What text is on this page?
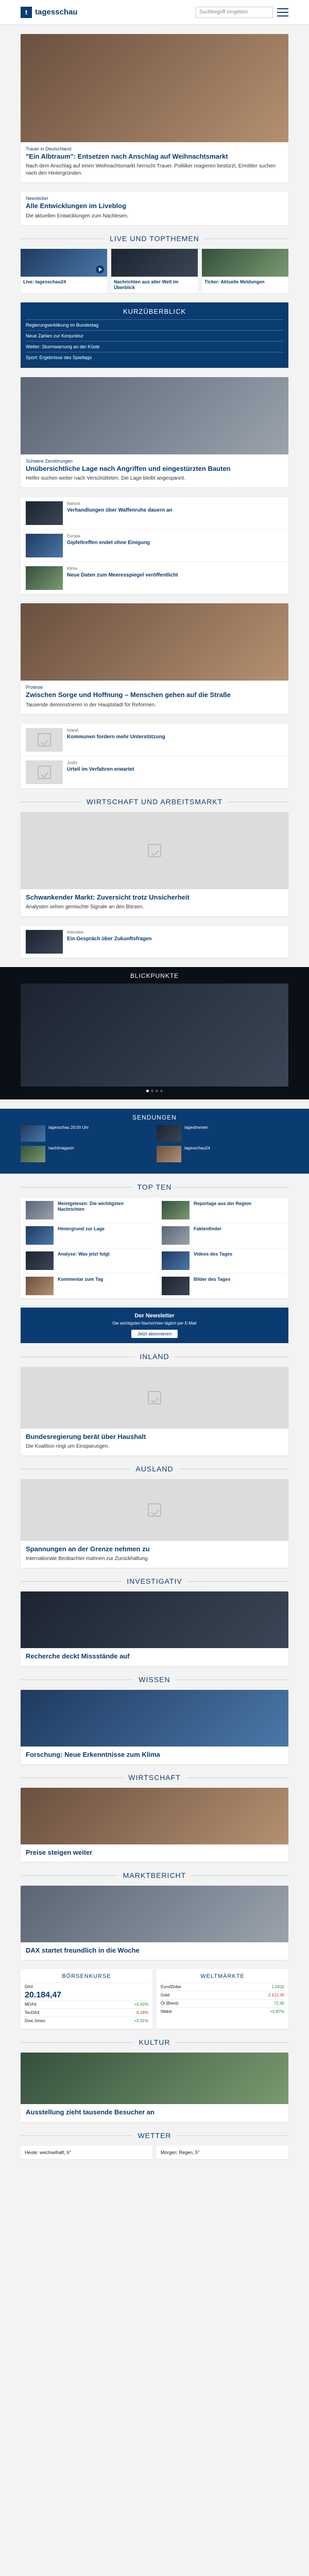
t tagesschau	Suchbegriff eingeben
Trauer in Deutschland
"Ein Albtraum": Entsetzen nach Anschlag auf Weihnachtsmarkt
Nach dem Anschlag auf einen Weihnachtsmarkt herrscht Trauer. Politiker reagieren bestürzt, Ermittler suchen nach den Hintergründen.
Newsticker
Alle Entwicklungen im Liveblog
Die aktuellen Entwicklungen zum Nachlesen.
LIVE UND TOPTHEMEN
Live: tagesschau24	Nachrichten aus aller Welt im Überblick
Ticker: Aktuelle Meldungen
KURZÜBERBLICK
Regierungserklärung im Bundestag
Neue Zahlen zur Konjunktur
Wetter: Sturmwarnung an der Küste
Sport: Ergebnisse des Spieltags
Schwere Zerstörungen
Unübersichtliche Lage nach Angriffen und eingestürzten Bauten
Helfer suchen weiter nach Verschütteten. Die Lage bleibt angespannt.
Nahost
Verhandlungen über Waffenruhe dauern an
Europa
Gipfeltreffen endet ohne Einigung
Klima
Neue Daten zum Meeresspiegel veröffentlicht
Proteste
Zwischen Sorge und Hoffnung – Menschen gehen auf die Straße
Tausende demonstrieren in der Hauptstadt für Reformen.
Inland
Kommunen fordern mehr Unterstützung
Justiz
Urteil im Verfahren erwartet
WIRTSCHAFT UND ARBEITSMARKT
Schwankender Markt: Zuversicht trotz Unsicherheit
Analysten sehen gemischte Signale an den Börsen.
Interview
Ein Gespräch über Zukunftsfragen
BLICKPUNKTE
SENDUNGEN
tagesschau 20:00 Uhr	tagesthemen
nachtmagazin	tagesschau24
TOP TEN
Meistgelesen: Die wichtigsten Nachrichten
Hintergrund zur Lage
Analyse: Was jetzt folgt
Kommentar zum Tag
Reportage aus der Region
Faktenfinder
Videos des Tages
Bilder des Tages
Der Newsletter
Die wichtigsten Nachrichten täglich per E-Mail
Jetzt abonnieren
INLAND
Bundesregierung berät über Haushalt
Die Koalition ringt um Einsparungen.
AUSLAND
Spannungen an der Grenze nehmen zu
Internationale Beobachter mahnen zur Zurückhaltung.
INVESTIGATIV
Recherche deckt Missstände auf
WISSEN
Forschung: Neue Erkenntnisse zum Klima
WIRTSCHAFT
Preise steigen weiter
MARKTBERICHT
DAX startet freundlich in die Woche
BÖRSENKURSE
DAX
20.184,47
MDAX	+0,42%
TecDAX	-0,18%
Dow Jones	+0,31%
WELTMÄRKTE
Euro/Dollar	1,0432
Gold	2.612,30
Öl (Brent)	72,45
Nikkei	+0,87%
KULTUR
Ausstellung zieht tausende Besucher an
WETTER
Heute: wechselhaft, 6°	Morgen: Regen, 5°
